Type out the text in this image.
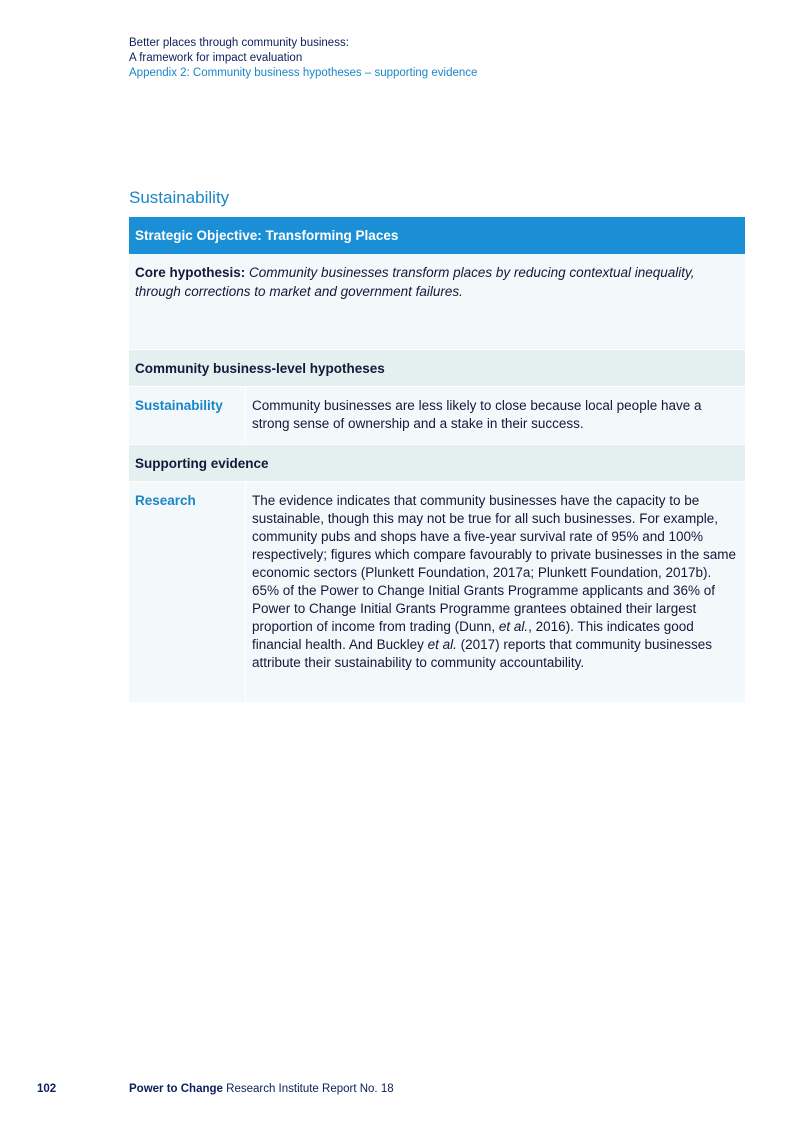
Better places through community business:
A framework for impact evaluation
Appendix 2: Community business hypotheses – supporting evidence
Sustainability
Strategic Objective: Transforming Places
Core hypothesis: Community businesses transform places by reducing contextual inequality, through corrections to market and government failures.
Community business-level hypotheses
Sustainability	Community businesses are less likely to close because local people have a strong sense of ownership and a stake in their success.
Supporting evidence
Research	The evidence indicates that community businesses have the capacity to be sustainable, though this may not be true for all such businesses. For example, community pubs and shops have a five-year survival rate of 95% and 100% respectively; figures which compare favourably to private businesses in the same economic sectors (Plunkett Foundation, 2017a; Plunkett Foundation, 2017b). 65% of the Power to Change Initial Grants Programme applicants and 36% of Power to Change Initial Grants Programme grantees obtained their largest proportion of income from trading (Dunn, et al., 2016). This indicates good financial health. And Buckley et al. (2017) reports that community businesses attribute their sustainability to community accountability.
102	Power to Change Research Institute Report No. 18
